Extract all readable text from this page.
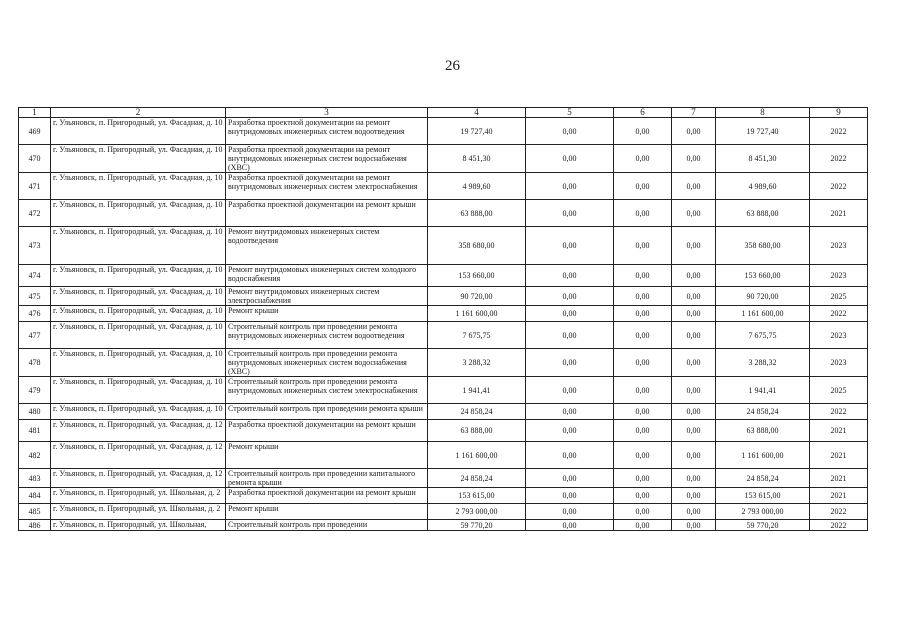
26
1	2	3	4	5	6	7	8	9
469	г. Ульяновск, п. Пригородный, ул. Фасадная, д. 10	Разработка проектной документации на ремонт внутридомовых инженерных систем водоотведения	19 727,40	0,00	0,00	0,00	19 727,40	2022
470	г. Ульяновск, п. Пригородный, ул. Фасадная, д. 10	Разработка проектной документации на ремонт внутридомовых инженерных систем водоснабжения (ХВС)	8 451,30	0,00	0,00	0,00	8 451,30	2022
471	г. Ульяновск, п. Пригородный, ул. Фасадная, д. 10	Разработка проектной документации на ремонт внутридомовых инженерных систем электроснабжения	4 989,60	0,00	0,00	0,00	4 989,60	2022
472	г. Ульяновск, п. Пригородный, ул. Фасадная, д. 10	Разработка проектной документации на ремонт крыши	63 888,00	0,00	0,00	0,00	63 888,00	2021
473	г. Ульяновск, п. Пригородный, ул. Фасадная, д. 10	Ремонт внутридомовых инженерных систем водоотведения	358 680,00	0,00	0,00	0,00	358 680,00	2023
474	г. Ульяновск, п. Пригородный, ул. Фасадная, д. 10	Ремонт внутридомовых инженерных систем холодного водоснабжения	153 660,00	0,00	0,00	0,00	153 660,00	2023
475	г. Ульяновск, п. Пригородный, ул. Фасадная, д. 10	Ремонт внутридомовых инженерных систем электроснабжения	90 720,00	0,00	0,00	0,00	90 720,00	2025
476	г. Ульяновск, п. Пригородный, ул. Фасадная, д. 10	Ремонт крыши	1 161 600,00	0,00	0,00	0,00	1 161 600,00	2022
477	г. Ульяновск, п. Пригородный, ул. Фасадная, д. 10	Строительный контроль при проведении ремонта внутридомовых инженерных систем водоотведения	7 675,75	0,00	0,00	0,00	7 675,75	2023
478	г. Ульяновск, п. Пригородный, ул. Фасадная, д. 10	Строительный контроль при проведении ремонта внутридомовых инженерных систем водоснабжения (ХВС)	3 288,32	0,00	0,00	0,00	3 288,32	2023
479	г. Ульяновск, п. Пригородный, ул. Фасадная, д. 10	Строительный контроль при проведении ремонта внутридомовых инженерных систем электроснабжения	1 941,41	0,00	0,00	0,00	1 941,41	2025
480	г. Ульяновск, п. Пригородный, ул. Фасадная, д. 10	Строительный контроль при проведении ремонта крыши	24 858,24	0,00	0,00	0,00	24 858,24	2022
481	г. Ульяновск, п. Пригородный, ул. Фасадная, д. 12	Разработка проектной документации на ремонт крыши	63 888,00	0,00	0,00	0,00	63 888,00	2021
482	г. Ульяновск, п. Пригородный, ул. Фасадная, д. 12	Ремонт крыши	1 161 600,00	0,00	0,00	0,00	1 161 600,00	2021
483	г. Ульяновск, п. Пригородный, ул. Фасадная, д. 12	Строительный контроль при проведении капитального ремонта крыши	24 858,24	0,00	0,00	0,00	24 858,24	2021
484	г. Ульяновск, п. Пригородный, ул. Школьная, д. 2	Разработка проектной документации на ремонт крыши	153 615,00	0,00	0,00	0,00	153 615,00	2021
485	г. Ульяновск, п. Пригородный, ул. Школьная, д. 2	Ремонт крыши	2 793 000,00	0,00	0,00	0,00	2 793 000,00	2022
486	г. Ульяновск, п. Пригородный, ул. Школьная,	Строительный контроль при проведении	59 770,20	0,00	0,00	0,00	59 770,20	2022
